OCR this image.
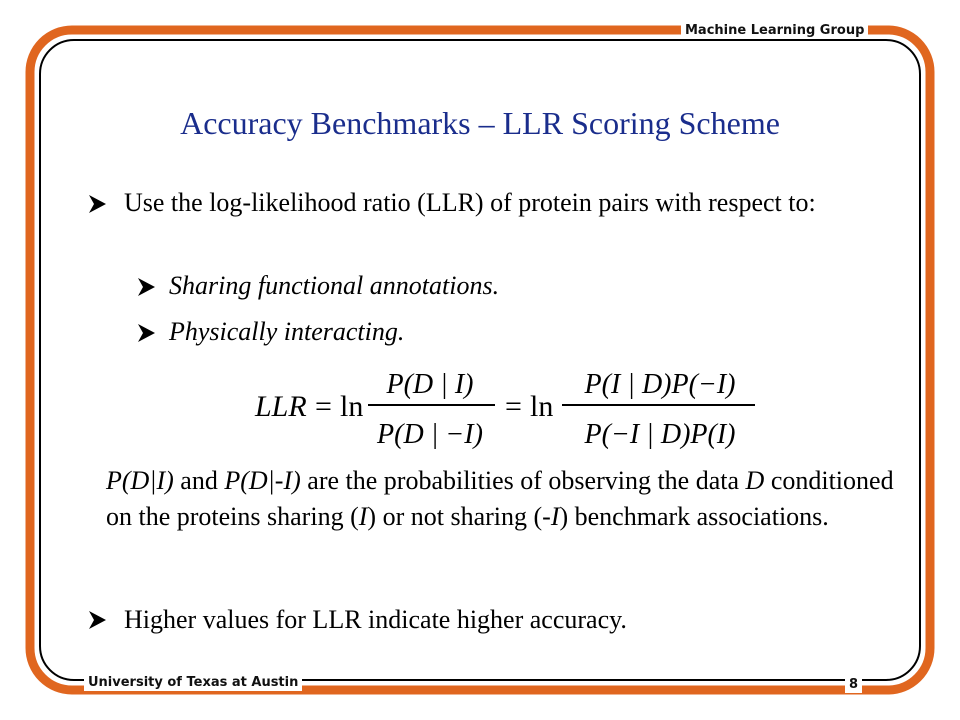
Machine Learning Group
University of Texas at Austin	8
Accuracy Benchmarks – LLR Scoring Scheme
Use the log-likelihood ratio (LLR) of protein pairs with respect to:
Sharing functional annotations.
Physically interacting.
LLR = ln
P(D | I)
P(D | −I)
= ln
P(I | D)P(−I)
P(−I | D)P(I)
P(D|I) and P(D|-I) are the probabilities of observing the data D conditioned on the proteins sharing (I) or not sharing (-I) benchmark associations.
Higher values for LLR indicate higher accuracy.
